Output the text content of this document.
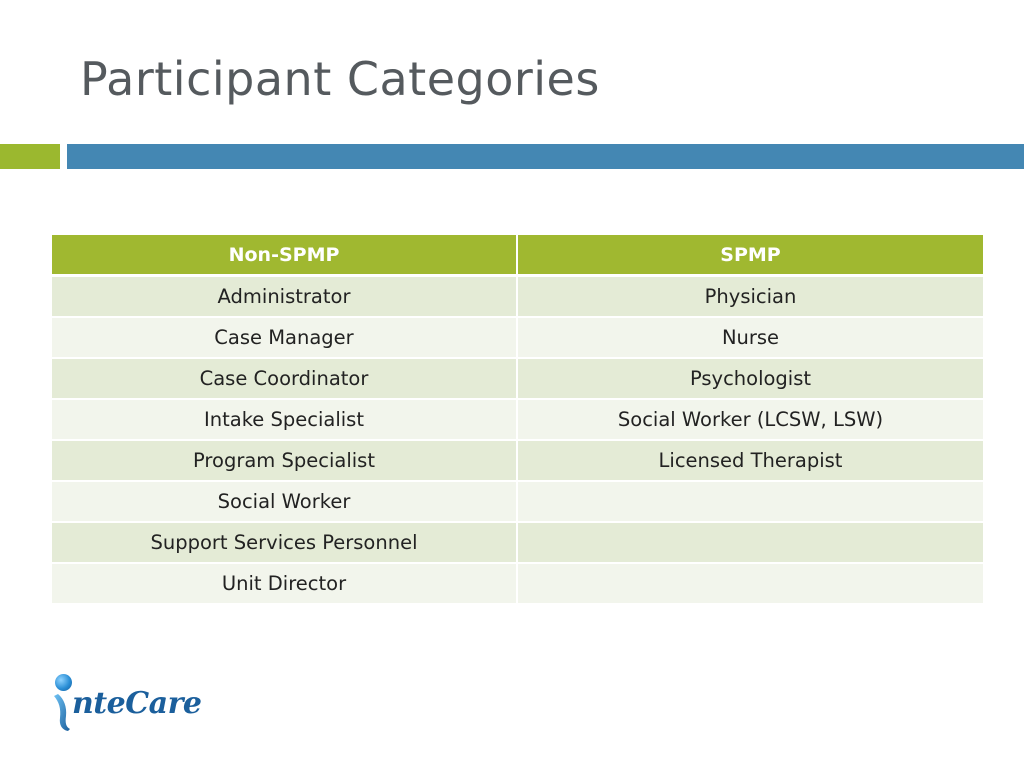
Participant Categories
Non-SPMP	SPMP
Administrator	Physician
Case Manager	Nurse
Case Coordinator	Psychologist
Intake Specialist	Social Worker (LCSW, LSW)
Program Specialist	Licensed Therapist
Social Worker	
Support Services Personnel	
Unit Director	
nteCare
